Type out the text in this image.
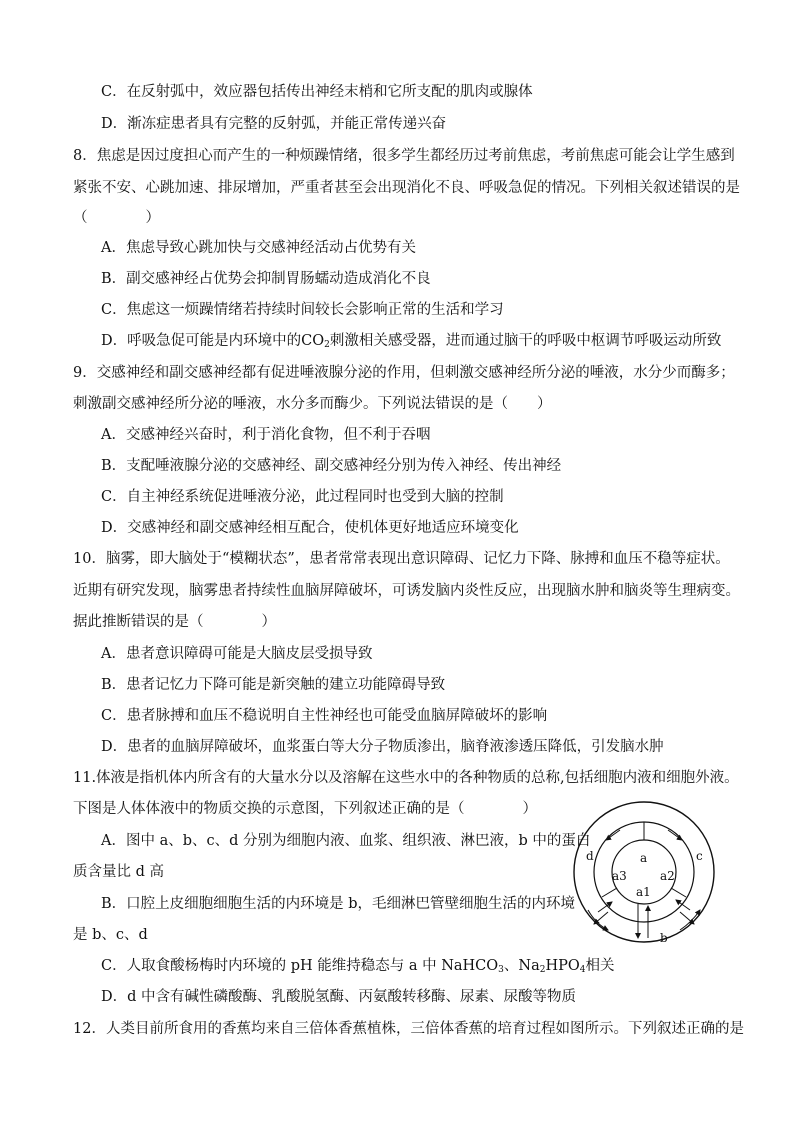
C．在反射弧中，效应器包括传出神经末梢和它所支配的肌肉或腺体
D．渐冻症患者具有完整的反射弧，并能正常传递兴奋
8．焦虑是因过度担心而产生的一种烦躁情绪，很多学生都经历过考前焦虑，考前焦虑可能会让学生感到
紧张不安、心跳加速、排尿增加，严重者甚至会出现消化不良、呼吸急促的情况。下列相关叙述错误的是
（　　　　）
A．焦虑导致心跳加快与交感神经活动占优势有关
B．副交感神经占优势会抑制胃肠蠕动造成消化不良
C．焦虑这一烦躁情绪若持续时间较长会影响正常的生活和学习
D．呼吸急促可能是内环境中的$CO_2$刺激相关感受器，进而通过脑干的呼吸中枢调节呼吸运动所致
9．交感神经和副交感神经都有促进唾液腺分泌的作用，但刺激交感神经所分泌的唾液，水分少而酶多；
刺激副交感神经所分泌的唾液，水分多而酶少。下列说法错误的是（　　）
A．交感神经兴奋时，利于消化食物，但不利于吞咽
B．支配唾液腺分泌的交感神经、副交感神经分别为传入神经、传出神经
C．自主神经系统促进唾液分泌，此过程同时也受到大脑的控制
D．交感神经和副交感神经相互配合，使机体更好地适应环境变化
10．脑雾，即大脑处于“模糊状态”，患者常常表现出意识障碍、记忆力下降、脉搏和血压不稳等症状。
近期有研究发现，脑雾患者持续性血脑屏障破坏，可诱发脑内炎性反应，出现脑水肿和脑炎等生理病变。
据此推断错误的是（　　　　）
A．患者意识障碍可能是大脑皮层受损导致
B．患者记忆力下降可能是新突触的建立功能障碍导致
C．患者脉搏和血压不稳说明自主性神经也可能受血脑屏障破坏的影响
D．患者的血脑屏障破坏，血浆蛋白等大分子物质渗出，脑脊液渗透压降低，引发脑水肿
11.体液是指机体内所含有的大量水分以及溶解在这些水中的各种物质的总称,包括细胞内液和细胞外液。
下图是人体体液中的物质交换的示意图，下列叙述正确的是（　　　　）
A．图中 a、b、c、d 分别为细胞内液、血浆、组织液、淋巴液，b 中的蛋白
质含量比 d 高
B．口腔上皮细胞细胞生活的内环境是 b，毛细淋巴管壁细胞生活的内环境
是 b、c、d
C．人取食酸杨梅时内环境的 pH 能维持稳态与 a 中 NaHCO$_3$、$Na_2HPO_4$相关
D．d 中含有碱性磷酸酶、乳酸脱氢酶、丙氨酸转移酶、尿素、尿酸等物质
12．人类目前所食用的香蕉均来自三倍体香蕉植株，三倍体香蕉的培育过程如图所示。下列叙述正确的是
a
b
c
d
a1
a2
a3
